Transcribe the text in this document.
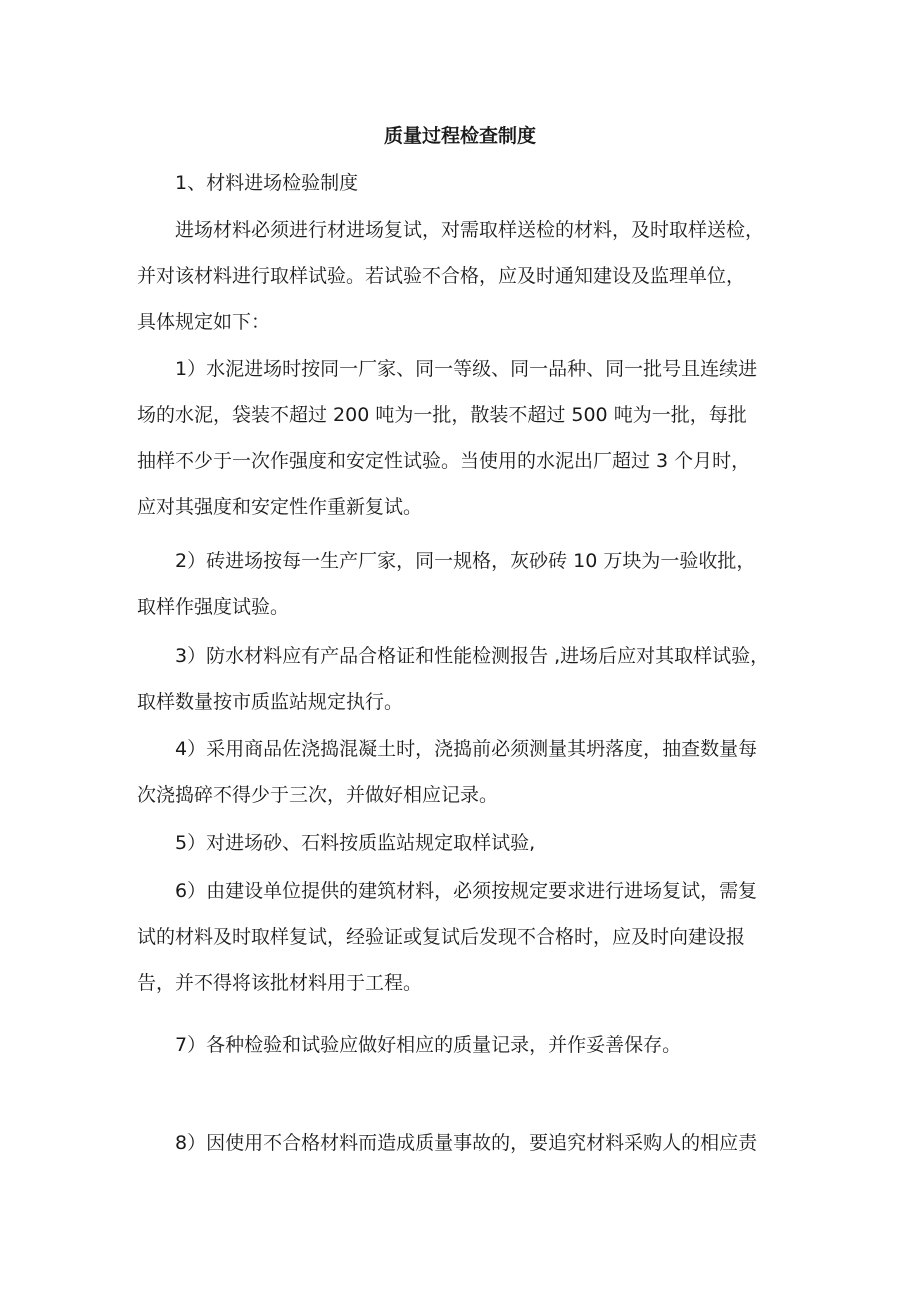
质量过程检查制度

1、材料进场检验制度

进场材料必须进行材进场复试，对需取样送检的材料，及时取样送检，
并对该材料进行取样试验。若试验不合格，应及时通知建设及监理单位，
具体规定如下：

1）水泥进场时按同一厂家、同一等级、同一品种、同一批号且连续进
场的水泥，袋装不超过 200 吨为一批，散装不超过 500 吨为一批，每批
抽样不少于一次作强度和安定性试验。当使用的水泥出厂超过 3 个月时，
应对其强度和安定性作重新复试。

2）砖进场按每一生产厂家，同一规格，灰砂砖 10 万块为一验收批，
取样作强度试验。

3）防水材料应有产品合格证和性能检测报告 ,进场后应对其取样试验，
取样数量按市质监站规定执行。

4）采用商品佐浇捣混凝土时，浇捣前必须测量其坍落度，抽查数量每
次浇捣碎不得少于三次，并做好相应记录。

5）对进场砂、石料按质监站规定取样试验,

6）由建设单位提供的建筑材料，必须按规定要求进行进场复试，需复
试的材料及时取样复试，经验证或复试后发现不合格时，应及时向建设报
告，并不得将该批材料用于工程。

7）各种检验和试验应做好相应的质量记录，并作妥善保存。

8）因使用不合格材料而造成质量事故的，要追究材料采购人的相应责
